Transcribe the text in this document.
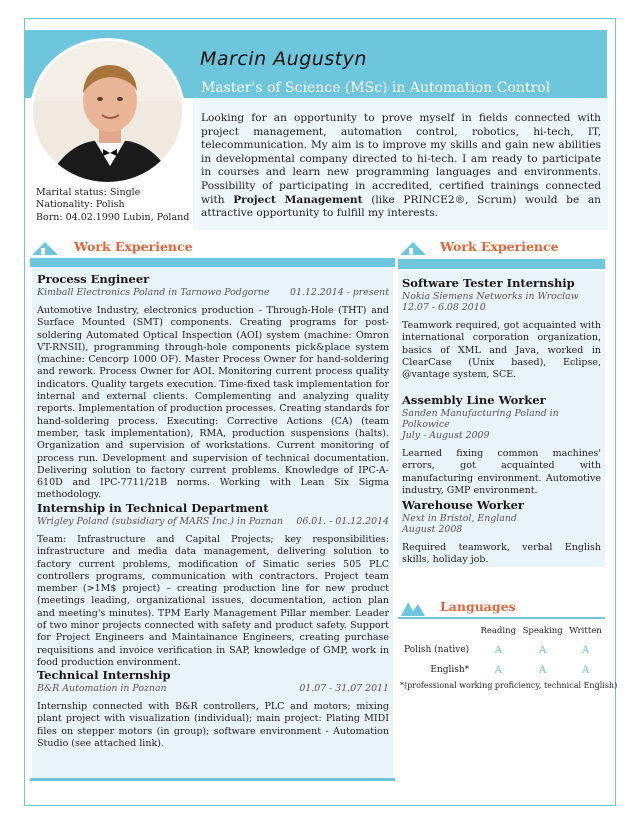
Marital status: Single
Nationality: Polish
Born: 04.02.1990 Lubin, Poland
Marcin Augustyn
Master's of Science (MSc) in Automation Control
Looking for an opportunity to prove myself in fields connected with project management, automation control, robotics, hi-tech, IT, telecommunication. My aim is to improve my skills and gain new abilities in developmental company directed to hi-tech. I am ready to participate in courses and learn new programming languages and environments. Possibility of participating in accredited, certified trainings connected with Project Management (like PRINCE2®, Scrum) would be an attractive opportunity to fulfill my interests.
Work Experience	Work Experience
Process Engineer
Kimball Electronics Poland in Tarnowo Podgorne 01.12.2014 - present
Automotive Industry, electronics production - Through-Hole (THT) and Surface Mounted (SMT) components. Creating programs for post-soldering Automated Optical Inspection (AOI) system (machine: Omron VT-RNSII), programming through-hole components pick&place system (machine: Cencorp 1000 OF). Master Process Owner for hand-soldering and rework. Process Owner for AOI. Monitoring current process quality indicators. Quality targets execution. Time-fixed task implementation for internal and external clients. Complementing and analyzing quality reports. Implementation of production processes. Creating standards for hand-soldering process. Executing: Corrective Actions (CA) (team member, task implementation), RMA, production suspensions (halts). Organization and supervision of workstations. Current monitoring of process run. Development and supervision of technical documentation. Delivering solution to factory current problems. Knowledge of IPC-A-610D and IPC-7711/21B norms. Working with Lean Six Sigma methodology.
Internship in Technical Department
Wrigley Poland (subsidiary of MARS Inc.) in Poznan 06.01. - 01.12.2014
Team: Infrastructure and Capital Projects; key responsibilities: infrastructure and media data management, delivering solution to factory current problems, modification of Simatic series 505 PLC controllers programs, communication with contractors. Project team member (>1M$ project) – creating production line for new product (meetings leading, organizational issues, documentation, action plan and meeting's minutes). TPM Early Management Pillar member. Leader of two minor projects connected with safety and product safety. Support for Project Engineers and Maintainance Engineers, creating purchase requisitions and invoice verification in SAP, knowledge of GMP, work in food production environment.
Technical Internship
B&R Automation in Poznan	01.07 - 31.07 2011
Internship connected with B&R controllers, PLC and motors; mixing plant project with visualization (individual); main project: Plating MIDI files on stepper motors (in group); software environment - Automation Studio (see attached link).
Software Tester Internship
Nokia Siemens Networks in Wroclaw
12.07 - 6.08 2010
Teamwork required, got acquainted with international corporation organization, basics of XML and Java, worked in ClearCase (Unix based), Eclipse, @vantage system, SCE.
Assembly Line Worker
Sanden Manufacturing Poland in Polkowice
July - August 2009
Learned fixing common machines' errors, got acquainted with manufacturing environment. Automotive industry, GMP environment.
Warehouse Worker
Next in Bristol, England
August 2008
Required teamwork, verbal English skills, holiday job.
Languages
	Reading	Speaking	Written
Polish (native)	A	A	A
English*	A	A	A
*(professional working proficiency, technical English)
